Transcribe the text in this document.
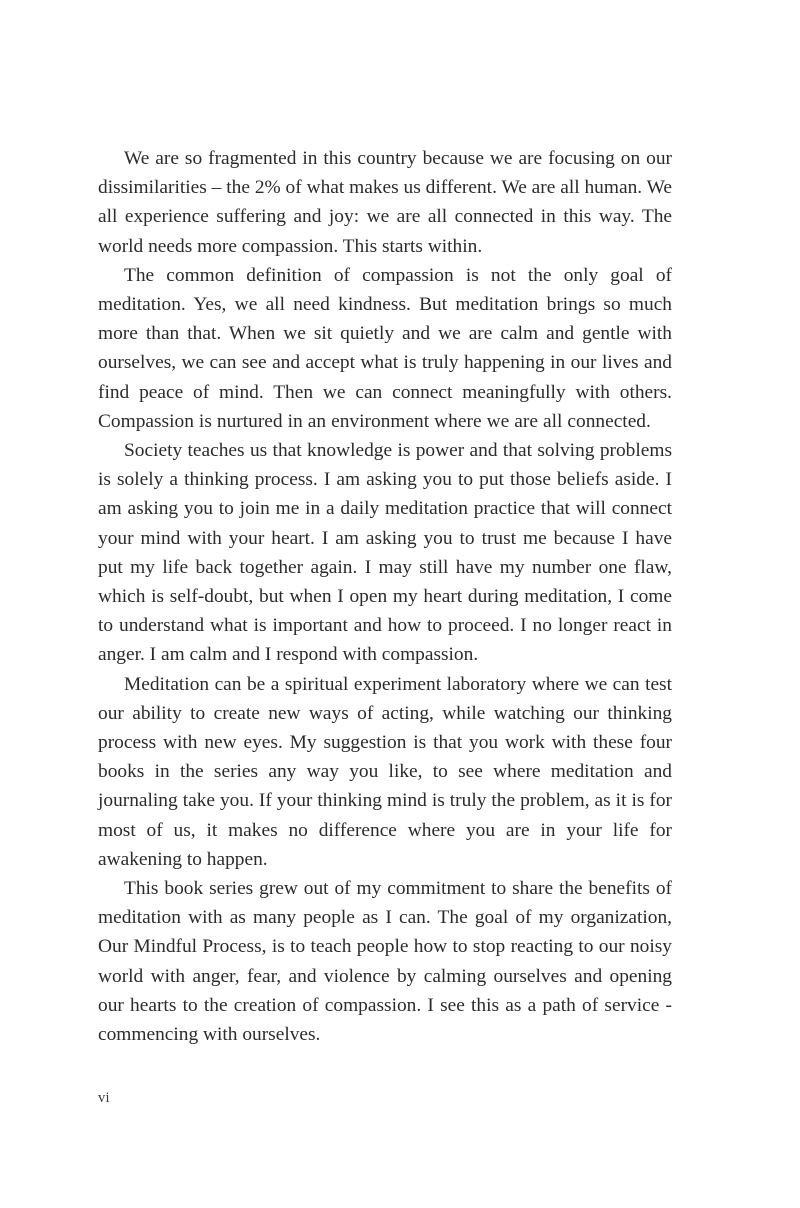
We are so fragmented in this country because we are focusing on our dissimilarities – the 2% of what makes us different. We are all human. We all experience suffering and joy: we are all connected in this way. The world needs more compassion. This starts within.

The common definition of compassion is not the only goal of meditation. Yes, we all need kindness. But meditation brings so much more than that. When we sit quietly and we are calm and gentle with ourselves, we can see and accept what is truly happening in our lives and find peace of mind. Then we can connect meaningfully with others. Compassion is nurtured in an environment where we are all connected.

Society teaches us that knowledge is power and that solving problems is solely a thinking process. I am asking you to put those beliefs aside. I am asking you to join me in a daily meditation practice that will connect your mind with your heart. I am asking you to trust me because I have put my life back together again. I may still have my number one flaw, which is self-doubt, but when I open my heart during meditation, I come to understand what is important and how to proceed. I no longer react in anger. I am calm and I respond with compassion.

Meditation can be a spiritual experiment laboratory where we can test our ability to create new ways of acting, while watching our thinking process with new eyes. My suggestion is that you work with these four books in the series any way you like, to see where meditation and journaling take you. If your thinking mind is truly the problem, as it is for most of us, it makes no difference where you are in your life for awakening to happen.

This book series grew out of my commitment to share the benefits of meditation with as many people as I can. The goal of my organization, Our Mindful Process, is to teach people how to stop reacting to our noisy world with anger, fear, and violence by calming ourselves and opening our hearts to the creation of compassion. I see this as a path of service - commencing with ourselves.

vi
